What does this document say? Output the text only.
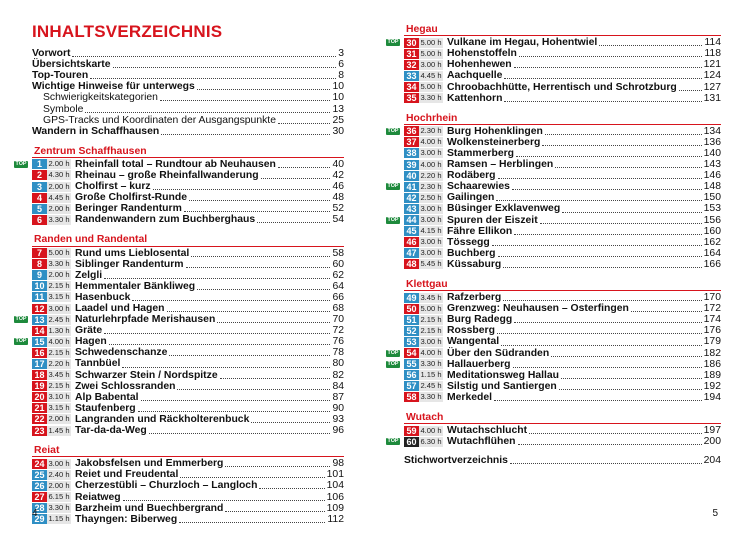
INHALTSVERZEICHNIS
Vorwort	3
Übersichtskarte	6
Top-Touren	8
Wichtige Hinweise für unterwegs	10
Schwierigkeitskategorien	10
Symbole	13
GPS-Tracks und Koordinaten der Ausgangspunkte	25
Wandern in Schaffhausen	30
Zentrum Schaffhausen
TOP	1 2.00 h Rheinfall total – Rundtour ab Neuhausen	40
2 4.30 h Rheinau – große Rheinfallwanderung	42
3 2.00 h Cholfirst – kurz	46
4 4.45 h Große Cholfirst-Runde	48
5 2.00 h Beringer Randenturm	52
6 3.30 h Randenwandern zum Buchberghaus	54
Randen und Randental
7 5.00 h Rund ums Lieblosental	58
8 3.30 h Siblinger Randenturm	60
9 2.00 h Zelgli	62
10 2.15 h Hemmentaler Bänkliweg	64
11 3.15 h Hasenbuck	66
12 3.00 h Laadel und Hagen	68
TOP 13 2.45 h Naturlehrpfade Merishausen	70
14 1.30 h Gräte	72
TOP 15 4.00 h Hagen	76
16 2.15 h Schwedenschanze	78
17 2.20 h Tannbüel	80
18 3.45 h Schwarzer Stein / Nordspitze	82
19 2.15 h Zwei Schlossranden	84
20 3.10 h Alp Babental	87
21 3.15 h Staufenberg	90
22 2.00 h Langranden und Räckholterenbuck	93
23 1.45 h Tar-da-da-Weg	96
Reiat
24 3.00 h Jakobsfelsen und Emmerberg	98
25 2.40 h Reiet und Freudental	101
26 2.00 h Cherzestübli – Churzloch – Langloch	104
27 6.15 h Reiatweg	106
28 3.30 h Barzheim und Buechbergrand	109
29 1.15 h Thayngen: Biberweg	112
4
Hegau
TOP 30 5.00 h Vulkane im Hegau, Hohentwiel	114
31 5.00 h Hohenstoffeln	118
32 3.00 h Hohenhewen	121
33 4.45 h Aachquelle	124
34 5.00 h Chroobachhütte, Herrentisch und Schrotzburg	127
35 3.30 h Kattenhorn	131
Hochrhein
TOP 36 2.30 h Burg Hohenklingen	134
37 4.00 h Wolkensteinerberg	136
38 3.00 h Stammerberg	140
39 4.00 h Ramsen – Herblingen	143
40 2.20 h Rodäberg	146
TOP 41 2.30 h Schaarewies	148
42 2.50 h Gailingen	150
43 3.00 h Büsinger Exklavenweg	153
TOP 44 3.00 h Spuren der Eiszeit	156
45 4.15 h Fähre Ellikon	160
46 3.00 h Tössegg	162
47 3.00 h Buchberg	164
48 5.45 h Küssaburg	166
Klettgau
49 3.45 h Rafzerberg	170
50 5.00 h Grenzweg: Neuhausen – Osterfingen	172
51 2.15 h Burg Radegg	174
52 2.15 h Rossberg	176
53 3.00 h Wangental	179
TOP 54 4.00 h Über den Südranden	182
TOP 55 3.30 h Hallauerberg	186
56 1.15 h Meditationsweg Hallau	189
57 2.45 h Silstig und Santiergen	192
58 3.30 h Merkedel	194
Wutach
59 4.00 h Wutachschlucht	197
TOP 60 6.30 h Wutachflühen	200
Stichwortverzeichnis	204
5
